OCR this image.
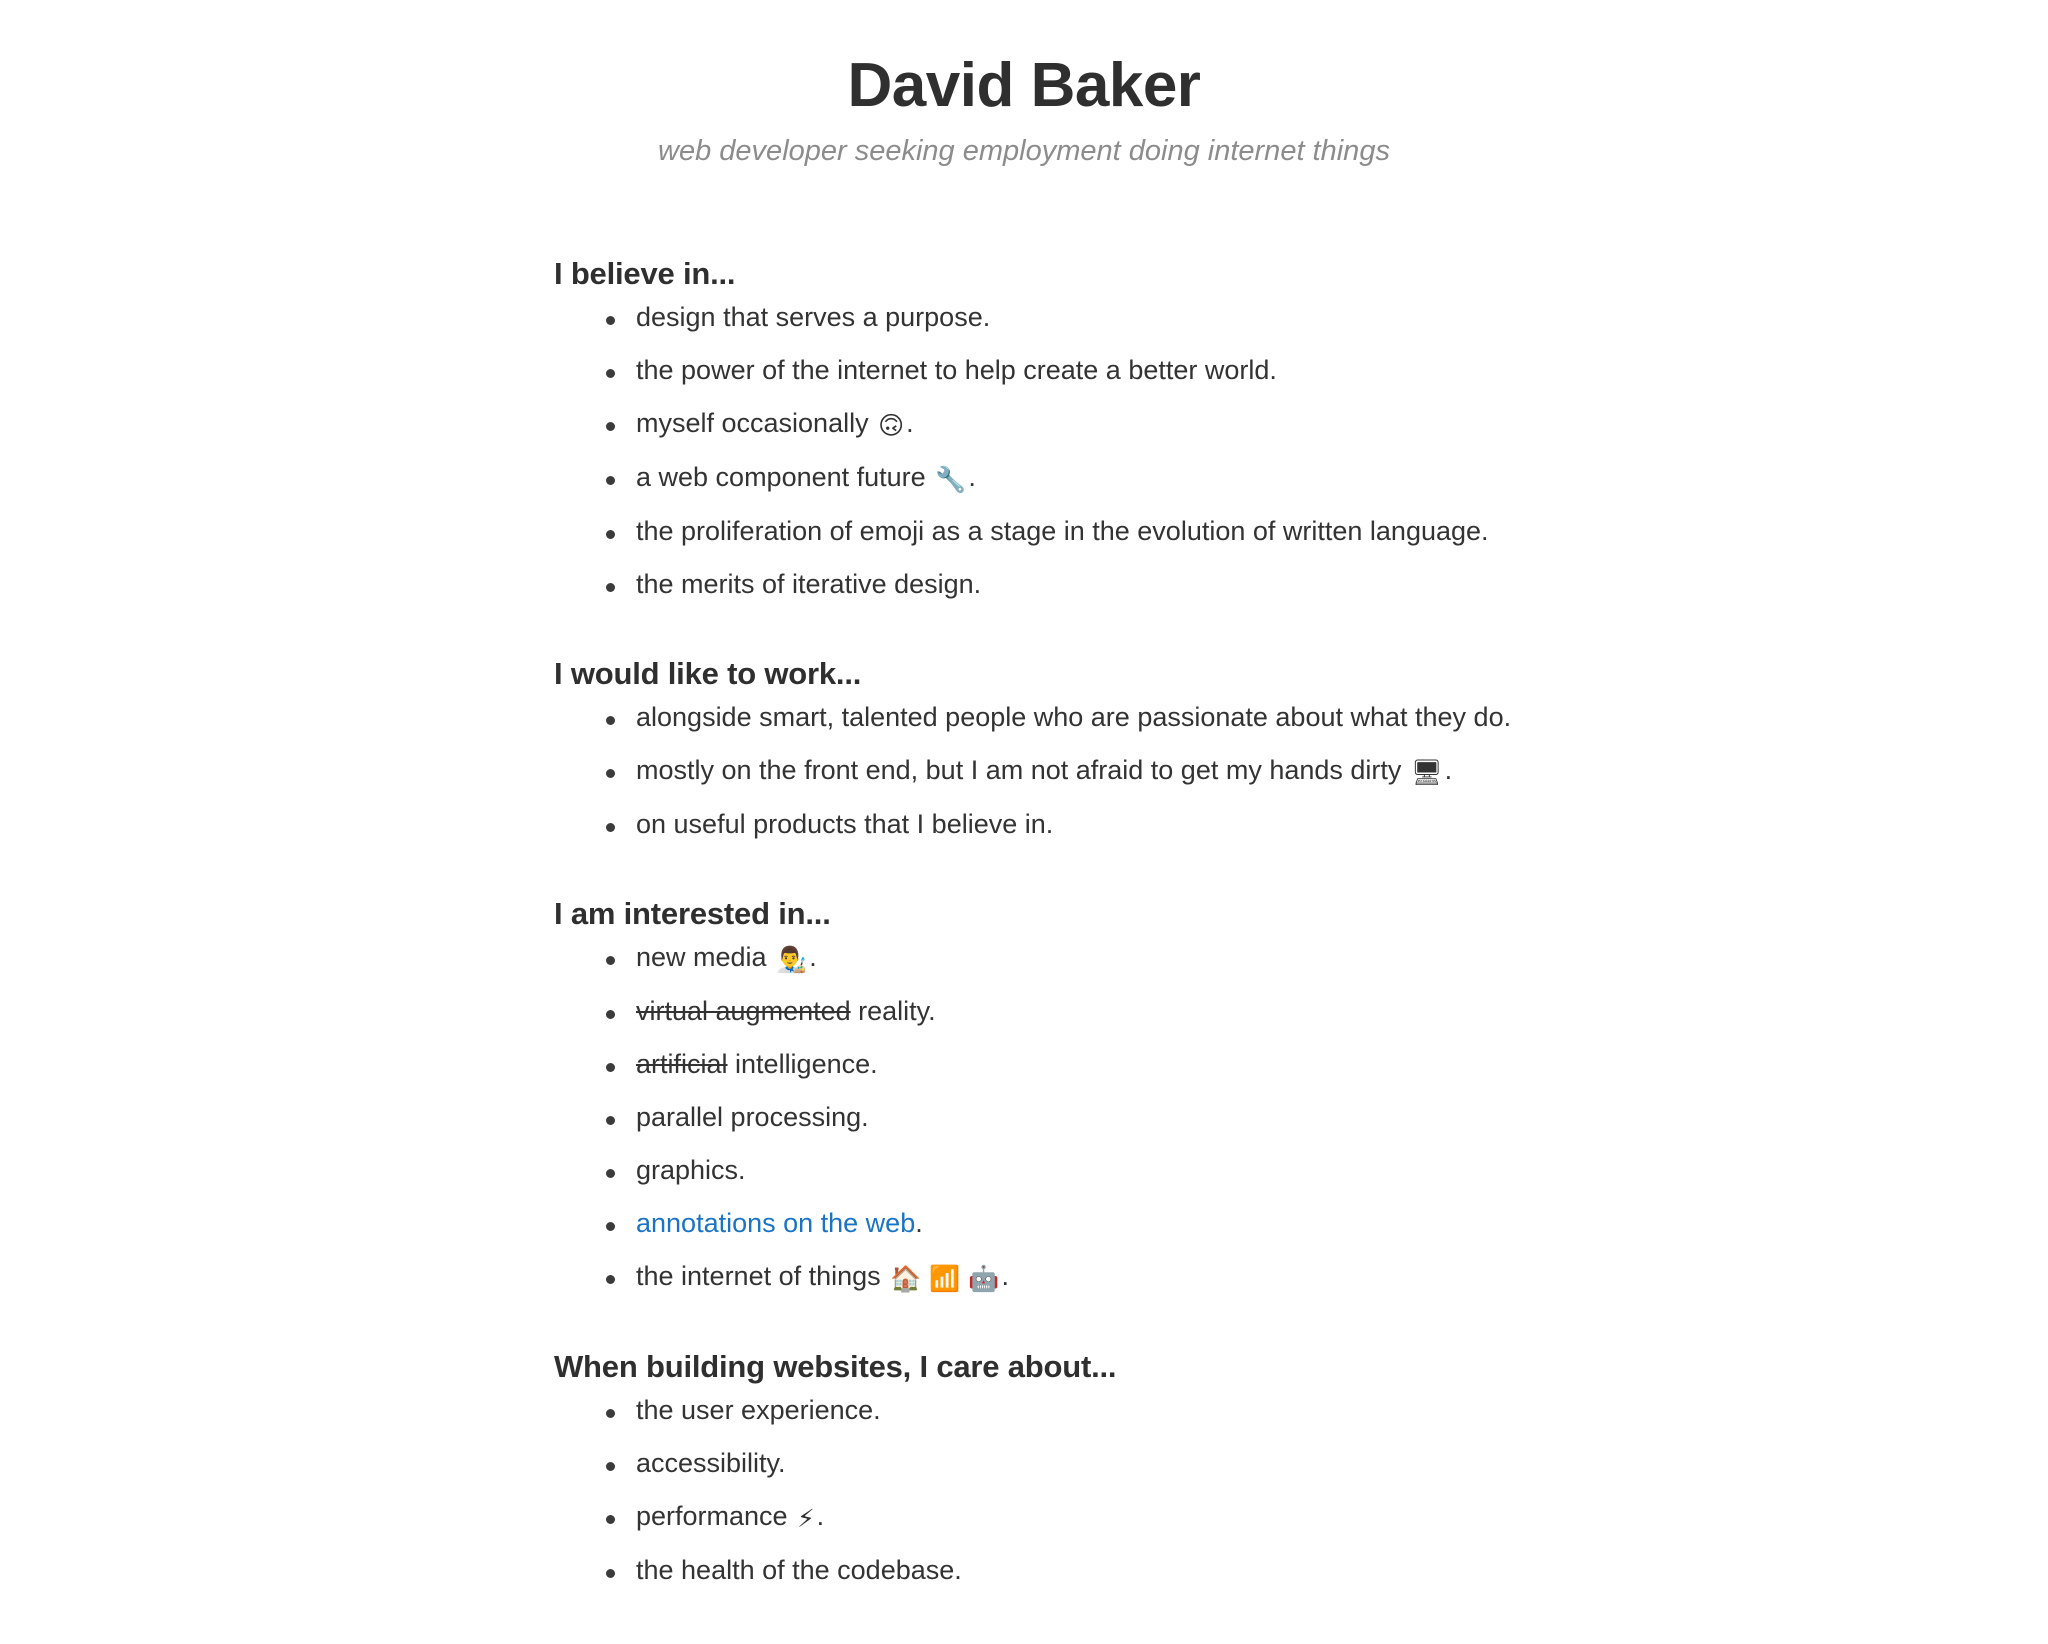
David Baker

web developer seeking employment doing internet things

I believe in...
design that serves a purpose.
the power of the internet to help create a better world.
myself occasionally 🙃.
a web component future 🔧.
the proliferation of emoji as a stage in the evolution of written language.
the merits of iterative design.
I would like to work...
alongside smart, talented people who are passionate about what they do.
mostly on the front end, but I am not afraid to get my hands dirty 🖥.
on useful products that I believe in.
I am interested in...
new media 👨‍🎨.
virtual augmented reality.
artificial intelligence.
parallel processing.
graphics.
annotations on the web.
the internet of things 🏠 📶 🤖.
When building websites, I care about...
the user experience.
accessibility.
performance ⚡.
the health of the codebase.
